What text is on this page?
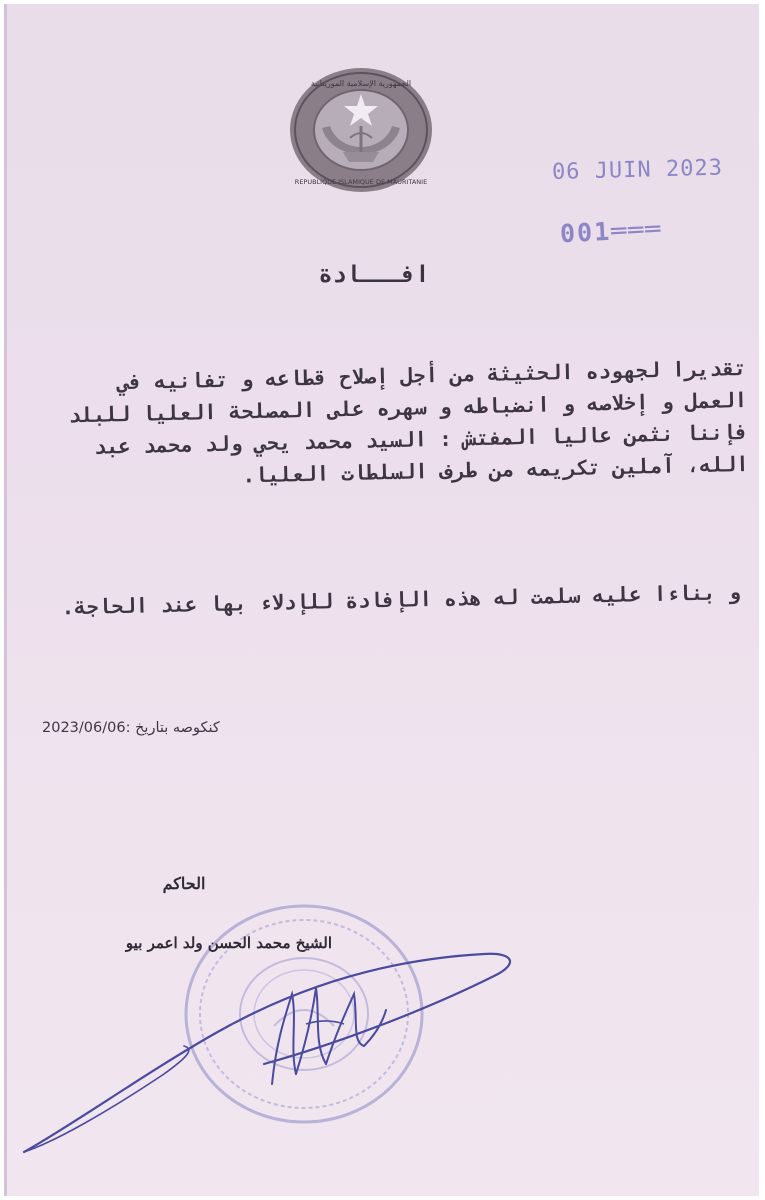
الجمهورية الإسلامية الموريتانية
REPUBLIQUE ISLAMIQUE DE MAURITANIE	06 JUIN 2023
001═══
افـــادة
تقديرا لجهوده الحثيثة من أجل إصلاح قطاعه و تفانيه في العمل و إخلاصه و انضباطه و سهره على المصلحة العليا للبلد فإننا نثمن عاليا المفتش : السيد محمد يحي ولد محمد عبد الله، آملين تكريمه من طرف السلطات العليا.
و بناءا عليه سلمت له هذه الإفادة للإدلاء بها عند الحاجة.
كنكوصه بتاريخ :2023/06/06
الحاكم
الشيخ محمد الحسن ولد اعمر بيو
